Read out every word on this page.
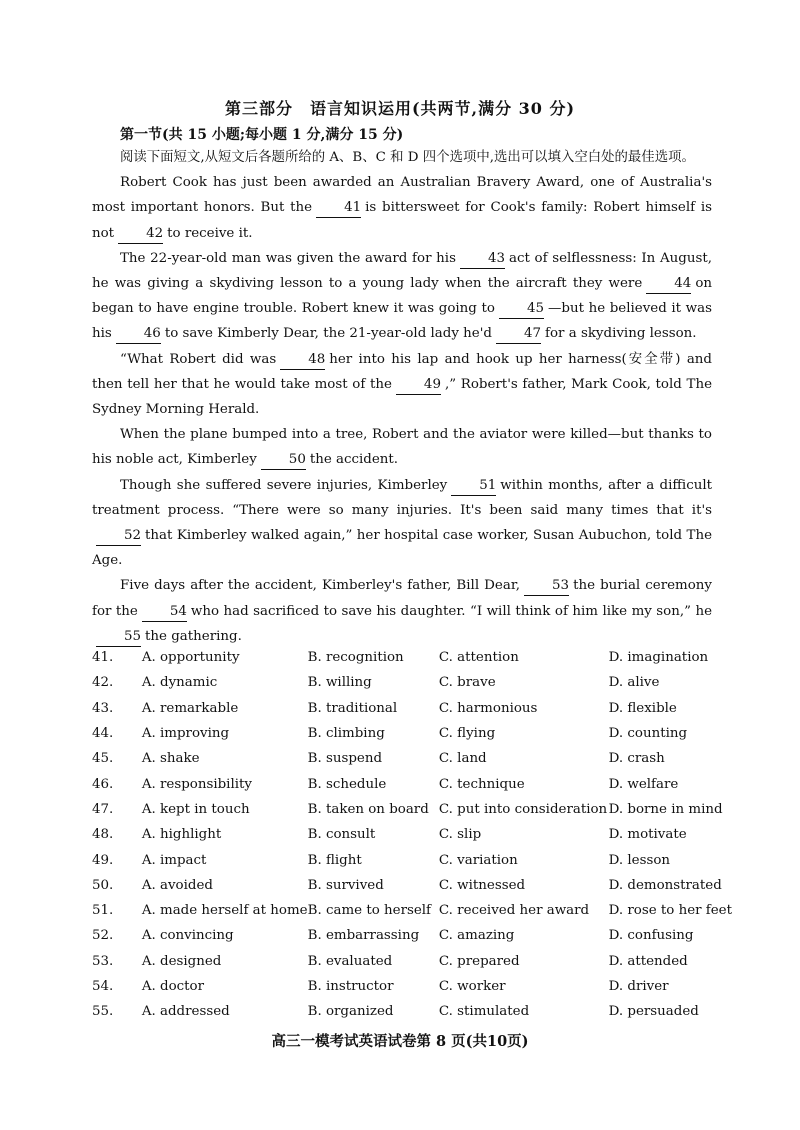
第三部分　语言知识运用(共两节,满分 30 分)
第一节(共 15 小题;每小题 1 分,满分 15 分)

阅读下面短文,从短文后各题所给的 A、B、C 和 D 四个选项中,选出可以填入空白处的最佳选项。

Robert Cook has just been awarded an Australian Bravery Award, one of Australia's most important honors. But the 41 is bittersweet for Cook's family: Robert himself is not 42 to receive it.

The 22-year-old man was given the award for his 43 act of selflessness: In August, he was giving a skydiving lesson to a young lady when the aircraft they were 44 on began to have engine trouble. Robert knew it was going to 45 —but he believed it was his 46 to save Kimberly Dear, the 21-year-old lady he'd 47 for a skydiving lesson.

“What Robert did was 48 her into his lap and hook up her harness(安全带) and then tell her that he would take most of the 49 ,” Robert's father, Mark Cook, told The Sydney Morning Herald.

When the plane bumped into a tree, Robert and the aviator were killed—but thanks to his noble act, Kimberley 50 the accident.

Though she suffered severe injuries, Kimberley 51 within months, after a difficult treatment process. “There were so many injuries. It's been said many times that it's52 that Kimberley walked again,” her hospital case worker, Susan Aubuchon, told The Age.

Five days after the accident, Kimberley's father, Bill Dear, 53 the burial ceremony for the 54 who had sacrificed to save his daughter. “I will think of him like my son,” he55 the gathering.

41.	A. opportunity	B. recognition	C. attention	D. imagination
42.	A. dynamic	B. willing	C. brave	D. alive
43.	A. remarkable	B. traditional	C. harmonious	D. flexible
44.	A. improving	B. climbing	C. flying	D. counting
45.	A. shake	B. suspend	C. land	D. crash
46.	A. responsibility	B. schedule	C. technique	D. welfare
47.	A. kept in touch	B. taken on board	C. put into consideration	D. borne in mind
48.	A. highlight	B. consult	C. slip	D. motivate
49.	A. impact	B. flight	C. variation	D. lesson
50.	A. avoided	B. survived	C. witnessed	D. demonstrated
51.	A. made herself at home	B. came to herself	C. received her award	D. rose to her feet
52.	A. convincing	B. embarrassing	C. amazing	D. confusing
53.	A. designed	B. evaluated	C. prepared	D. attended
54.	A. doctor	B. instructor	C. worker	D. driver
55.	A. addressed	B. organized	C. stimulated	D. persuaded
高三一模考试英语试卷第 8 页(共10页)
